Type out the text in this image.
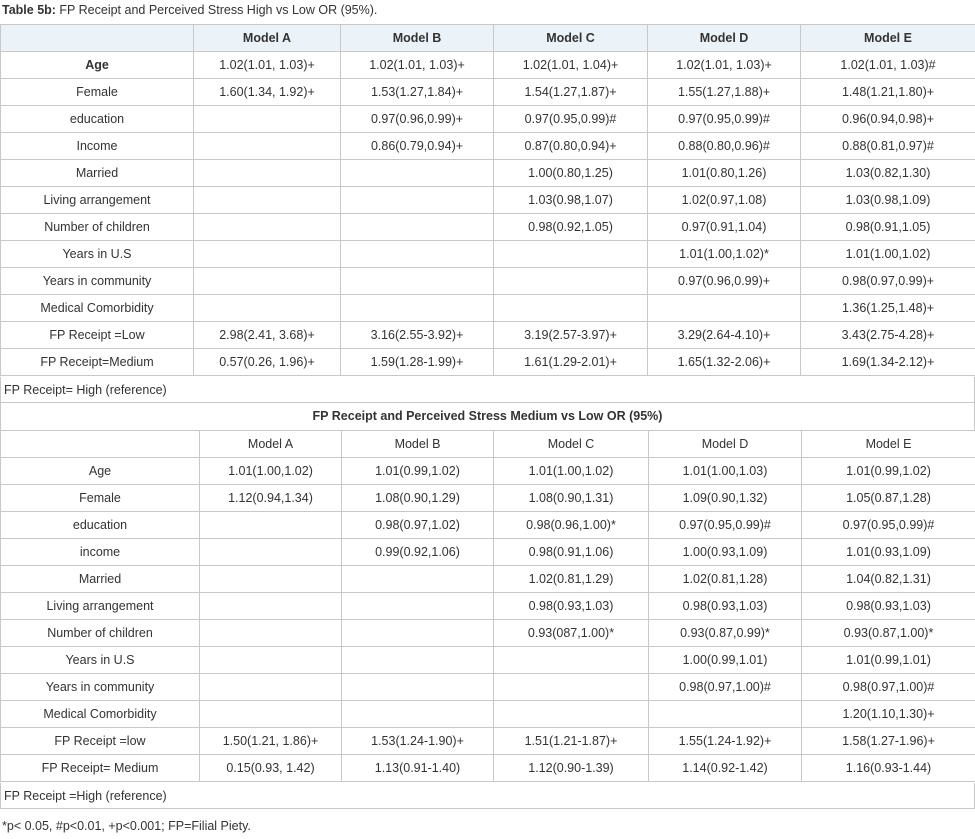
Table 5b: FP Receipt and Perceived Stress High vs Low OR (95%).
	Model A	Model B	Model C	Model D	Model E
Age	1.02(1.01, 1.03)+	1.02(1.01, 1.03)+	1.02(1.01, 1.04)+	1.02(1.01, 1.03)+	1.02(1.01, 1.03)#
Female	1.60(1.34, 1.92)+	1.53(1.27,1.84)+	1.54(1.27,1.87)+	1.55(1.27,1.88)+	1.48(1.21,1.80)+
education		0.97(0.96,0.99)+	0.97(0.95,0.99)#	0.97(0.95,0.99)#	0.96(0.94,0.98)+
Income		0.86(0.79,0.94)+	0.87(0.80,0.94)+	0.88(0.80,0.96)#	0.88(0.81,0.97)#
Married			1.00(0.80,1.25)	1.01(0.80,1.26)	1.03(0.82,1.30)
Living arrangement			1.03(0.98,1.07)	1.02(0.97,1.08)	1.03(0.98,1.09)
Number of children			0.98(0.92,1.05)	0.97(0.91,1.04)	0.98(0.91,1.05)
Years in U.S				1.01(1.00,1.02)*	1.01(1.00,1.02)
Years in community				0.97(0.96,0.99)+	0.98(0.97,0.99)+
Medical Comorbidity					1.36(1.25,1.48)+
FP Receipt =Low	2.98(2.41, 3.68)+	3.16(2.55-3.92)+	3.19(2.57-3.97)+	3.29(2.64-4.10)+	3.43(2.75-4.28)+
FP Receipt=Medium	0.57(0.26, 1.96)+	1.59(1.28-1.99)+	1.61(1.29-2.01)+	1.65(1.32-2.06)+	1.69(1.34-2.12)+
FP Receipt= High (reference)
FP Receipt and Perceived Stress Medium vs Low OR (95%)
	Model A	Model B	Model C	Model D	Model E
Age	1.01(1.00,1.02)	1.01(0.99,1.02)	1.01(1.00,1.02)	1.01(1.00,1.03)	1.01(0.99,1.02)
Female	1.12(0.94,1.34)	1.08(0.90,1.29)	1.08(0.90,1.31)	1.09(0.90,1.32)	1.05(0.87,1.28)
education		0.98(0.97,1.02)	0.98(0.96,1.00)*	0.97(0.95,0.99)#	0.97(0.95,0.99)#
income		0.99(0.92,1.06)	0.98(0.91,1.06)	1.00(0.93,1.09)	1.01(0.93,1.09)
Married			1.02(0.81,1.29)	1.02(0.81,1.28)	1.04(0.82,1.31)
Living arrangement			0.98(0.93,1.03)	0.98(0.93,1.03)	0.98(0.93,1.03)
Number of children			0.93(087,1.00)*	0.93(0.87,0.99)*	0.93(0.87,1.00)*
Years in U.S				1.00(0.99,1.01)	1.01(0.99,1.01)
Years in community				0.98(0.97,1.00)#	0.98(0.97,1.00)#
Medical Comorbidity					1.20(1.10,1.30)+
FP Receipt =low	1.50(1.21, 1.86)+	1.53(1.24-1.90)+	1.51(1.21-1.87)+	1.55(1.24-1.92)+	1.58(1.27-1.96)+
FP Receipt= Medium	0.15(0.93, 1.42)	1.13(0.91-1.40)	1.12(0.90-1.39)	1.14(0.92-1.42)	1.16(0.93-1.44)
FP Receipt =High (reference)
*p< 0.05, #p<0.01, +p<0.001; FP=Filial Piety.
